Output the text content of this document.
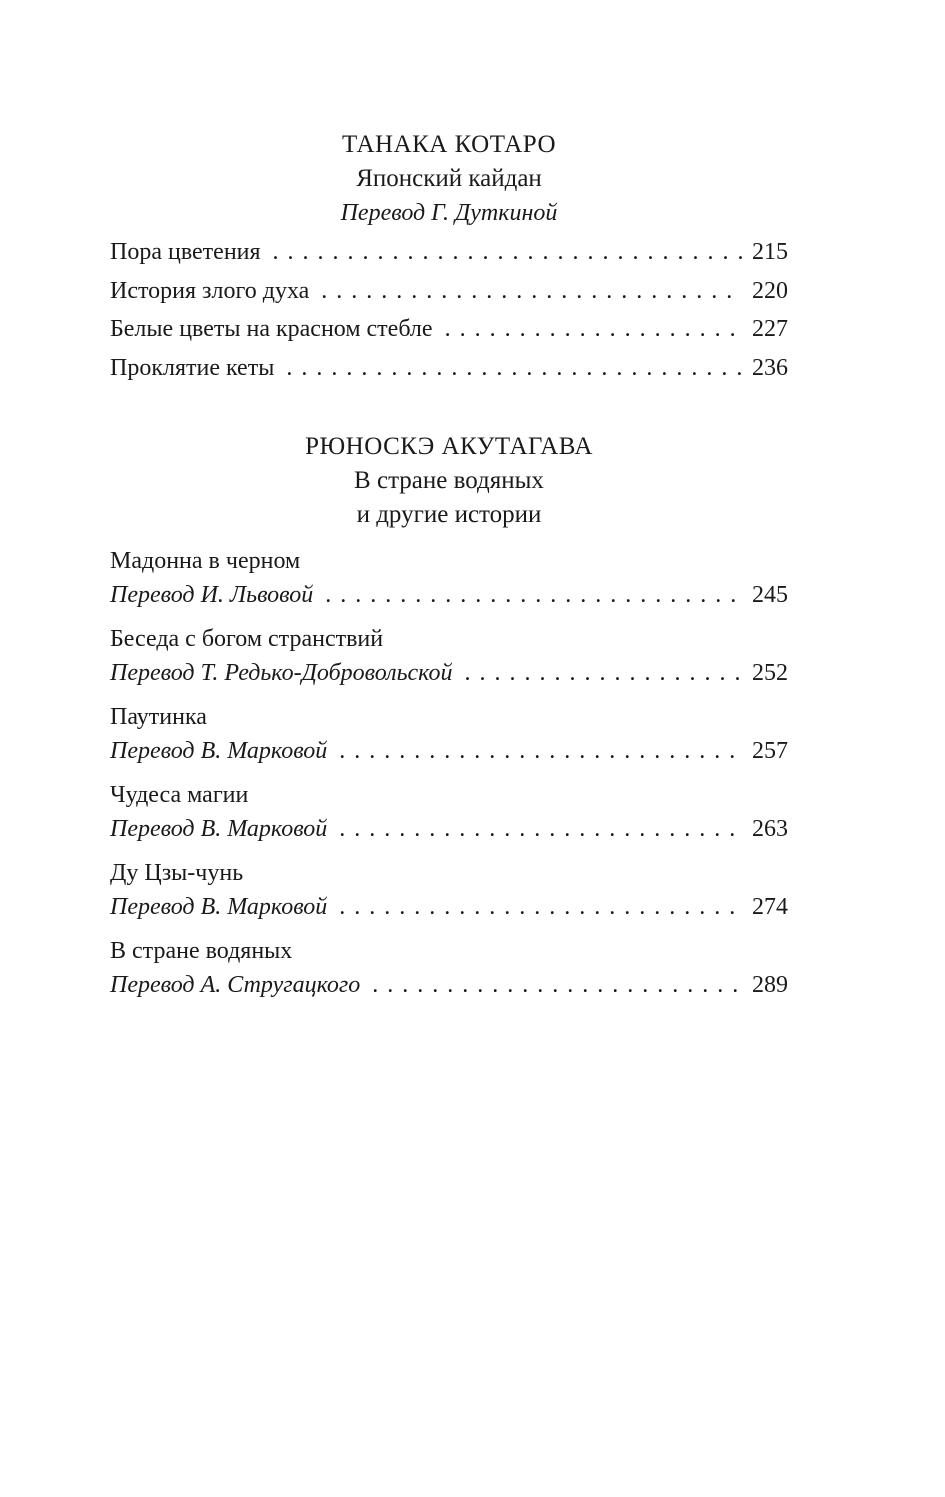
ТАНАКА КОТАРО
Японский кайдан
Перевод Г. Дуткиной
Пора цветения . . .	215
История злого духа . . .	220
Белые цветы на красном стебле . . .	227
Проклятие кеты . . .	236
РЮНОСКЭ АКУТАГАВА
В стране водяных
и другие истории
Мадонна в черном
Перевод И. Львовой . . .	245
Беседа с богом странствий
Перевод Т. Редько-Добровольской . . .	252
Паутинка
Перевод В. Марковой . . .	257
Чудеса магии
Перевод В. Марковой . . .	263
Ду Цзы-чунь
Перевод В. Марковой . . .	274
В стране водяных
Перевод А. Стругацкого . . .	289
